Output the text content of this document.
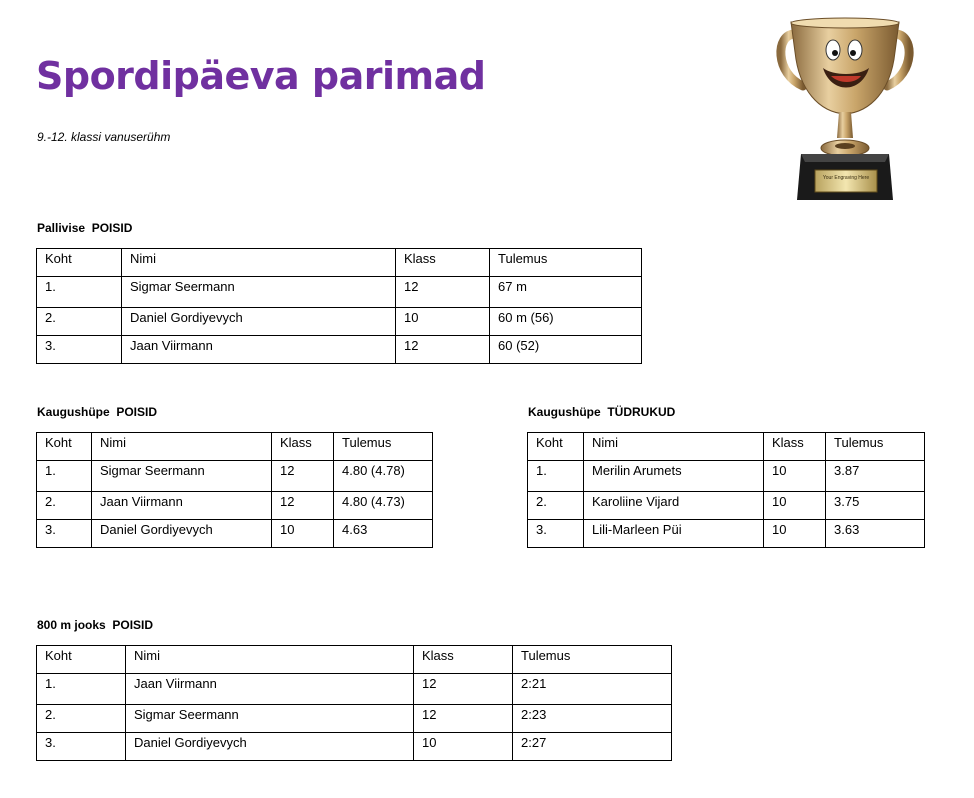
Spordipäeva parimad
9.-12. klassi vanuserühm
Your Engraving Here
Pallivise  POISID
Koht	Nimi	Klass	Tulemus
1.	Sigmar Seermann	12	67 m
2.	Daniel Gordiyevych	10	60 m (56)
3.	Jaan Viirmann	12	60 (52)
Kaugushüpe  POISID
Koht	Nimi	Klass	Tulemus
1.	Sigmar Seermann	12	4.80 (4.78)
2.	Jaan Viirmann	12	4.80 (4.73)
3.	Daniel Gordiyevych	10	4.63
Kaugushüpe  TÜDRUKUD
Koht	Nimi	Klass	Tulemus
1.	Merilin Arumets	10	3.87
2.	Karoliine Vijard	10	3.75
3.	Lili-Marleen Püi	10	3.63
800 m jooks  POISID
Koht	Nimi	Klass	Tulemus
1.	Jaan Viirmann	12	2:21
2.	Sigmar Seermann	12	2:23
3.	Daniel Gordiyevych	10	2:27
